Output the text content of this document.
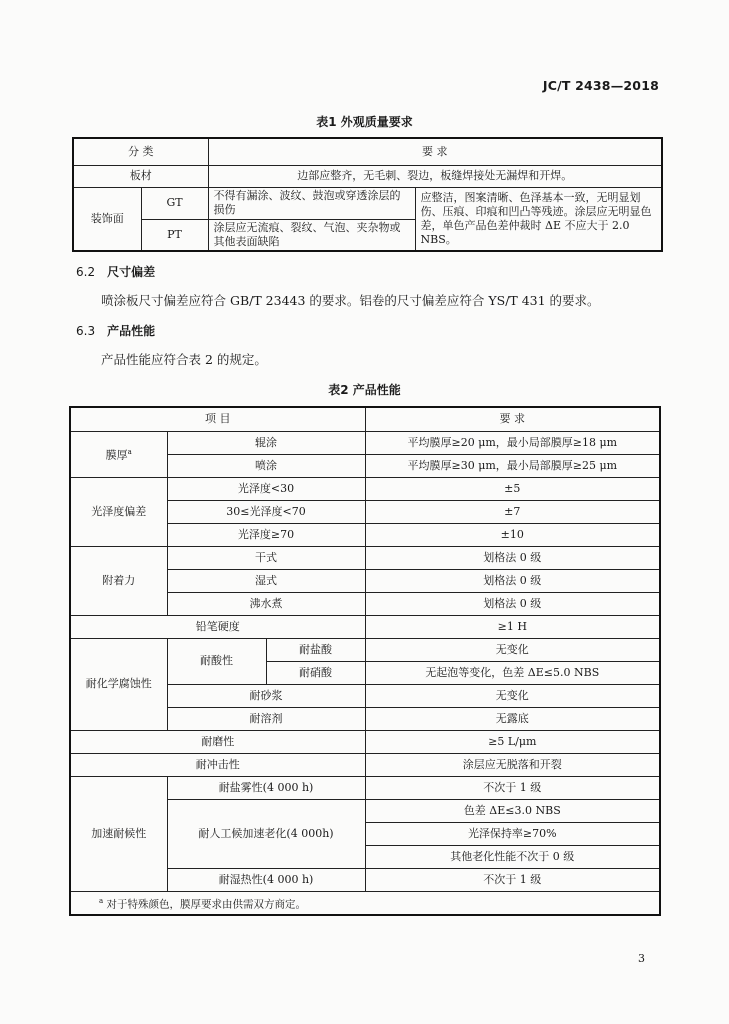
JC/T 2438—2018
表1 外观质量要求
分 类		要 求	
板材		边部应整齐，无毛刺、裂边，板缝焊接处无漏焊和开焊。	
装饰面	GT	不得有漏涂、波纹、鼓泡或穿透涂层的损伤	应整洁，图案清晰、色泽基本一致，无明显划伤、压痕、印痕和凹凸等残迹。涂层应无明显色差，单色产品色差仲裁时 ΔE 不应大于 2.0 NBS。
	PT	涂层应无流痕、裂纹、气泡、夹杂物或其他表面缺陷	
6.2 尺寸偏差
喷涂板尺寸偏差应符合 GB/T 23443 的要求。铝卷的尺寸偏差应符合 YS/T 431 的要求。
6.3 产品性能
产品性能应符合表 2 的规定。
表2 产品性能
项 目			要 求
膜厚$^a$	辊涂		平均膜厚≥20 μm，最小局部膜厚≥18 μm
	喷涂		平均膜厚≥30 μm，最小局部膜厚≥25 μm
光泽度偏差	光泽度<30		±5
	30≤光泽度<70		±7
	光泽度≥70		±10
附着力	干式		划格法 0 级
	湿式		划格法 0 级
	沸水煮		划格法 0 级
铅笔硬度			≥1 H
耐化学腐蚀性	耐酸性	耐盐酸	无变化
		耐硝酸	无起泡等变化，色差 ΔE≤5.0 NBS
	耐砂浆		无变化
	耐溶剂		无露底
耐磨性			≥5 L/μm
耐冲击性			涂层应无脱落和开裂
加速耐候性	耐盐雾性(4 000 h)		不次于 1 级
	耐人工候加速老化(4 000h)		色差 ΔE≤3.0 NBS
			光泽保持率≥70%
			其他老化性能不次于 0 级
	耐湿热性(4 000 h)		不次于 1 级
$^a$ 对于特殊颜色，膜厚要求由供需双方商定。			
3
